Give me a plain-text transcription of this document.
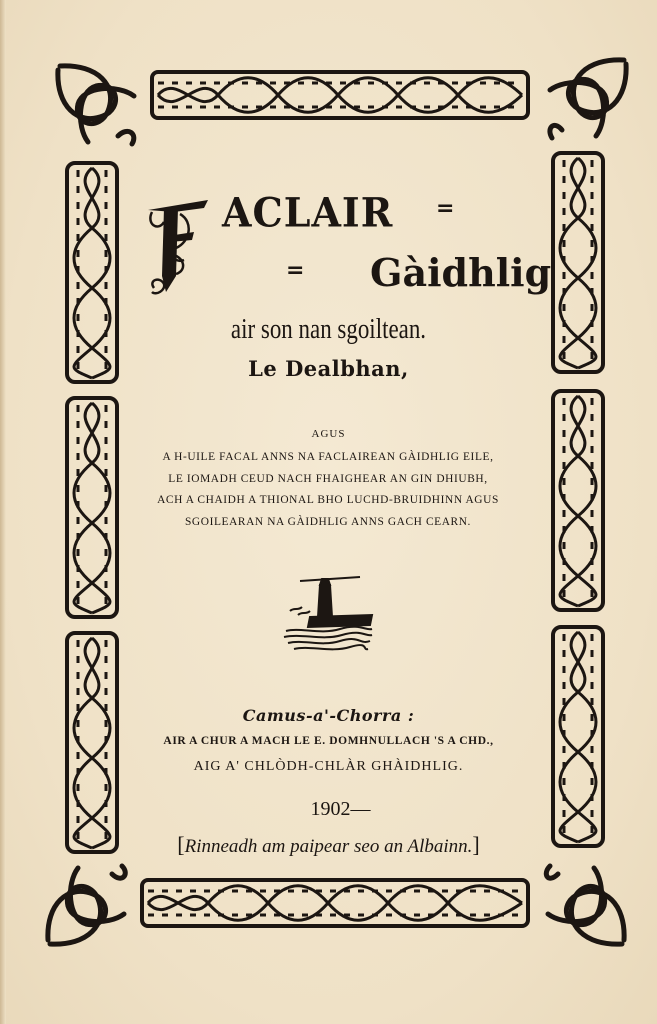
ACLAIR =
= Gàidhlig
air son nan sgoiltean.
Le Dealbhan,
AGUS
A H-UILE FACAL ANNS NA FACLAIREAN GÀIDHLIG EILE,
LE IOMADH CEUD NACH FHAIGHEAR AN GIN DHIUBH,
ACH A CHAIDH A THIONAL BHO LUCHD-BRUIDHINN AGUS
SGOILEARAN NA GÀIDHLIG ANNS GACH CEARN.
Camus-a'-Chorra :
AIR A CHUR A MACH LE E. DOMHNULLACH 'S A CHD.,
AIG A' CHLÒDH-CHLÀR GHÀIDHLIG.
1902—
[Rinneadh am paipear seo an Albainn.]
